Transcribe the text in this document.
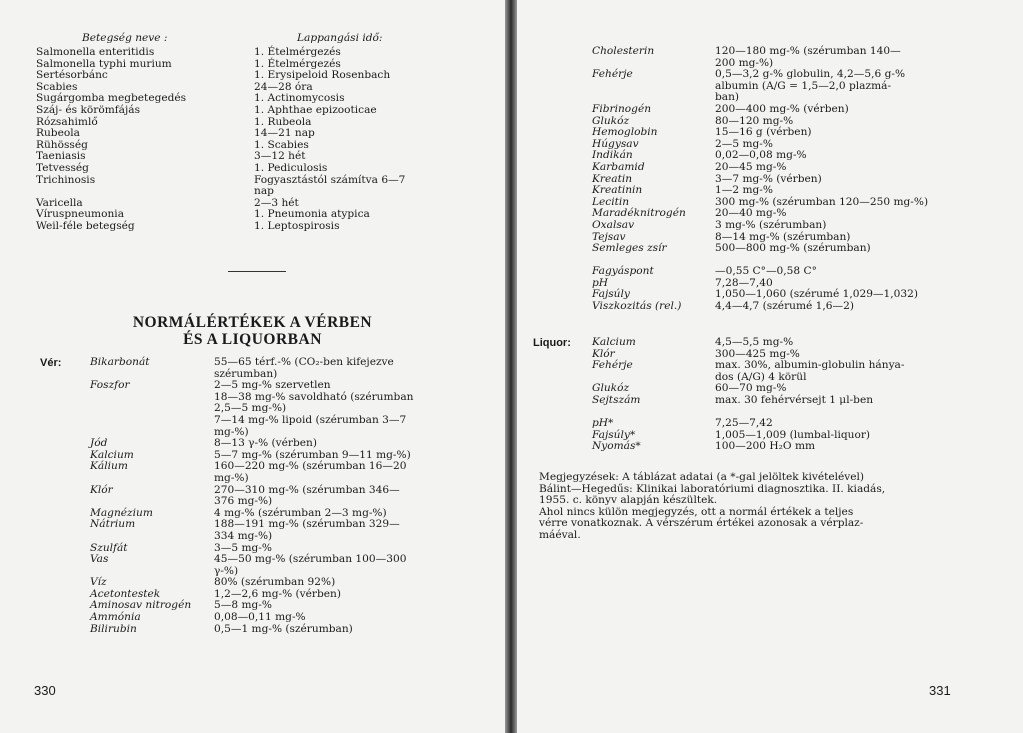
Betegség neve :	Lappangási idő:
Salmonella enteritidis
Salmonella typhi murium
Sertésorbánc
Scabies
Sugárgomba megbetegedés
Száj- és körömfájás
Rózsahimlő
Rubeola
Rühösség
Taeniasis
Tetvesség
Trichinosis

Varicella
Víruspneumonia
Weil-féle betegség
1. Ételmérgezés
1. Ételmérgezés
1. Erysipeloid Rosenbach
24—28 óra
1. Actinomycosis
1. Aphthae epizooticae
1. Rubeola
14—21 nap
1. Scabies
3—12 hét
1. Pediculosis
Fogyasztástól számítva 6—7
nap
2—3 hét
1. Pneumonia atypica
1. Leptospirosis
NORMÁLÉRTÉKEK A VÉRBEN
ÉS A LIQUORBAN
Vér:	Bikarbonát

Foszfor

Jód
Kalcium
Kálium

Klór

Magnézium
Nátrium

Szulfát
Vas

Víz
Acetontestek
Aminosav nitrogén
Ammónia
Bilirubin
55—65 térf.-% (CO₂-ben kifejezve
szérumban)
2—5 mg-% szervetlen
18—38 mg-% savoldható (szérumban
2,5—5 mg-%)
7—14 mg-% lipoid (szérumban 3—7
mg-%)
8—13 γ-% (vérben)
5—7 mg-% (szérumban 9—11 mg-%)
160—220 mg-% (szérumban 16—20
mg-%)
270—310 mg-% (szérumban 346—
376 mg-%)
4 mg-% (szérumban 2—3 mg-%)
188—191 mg-% (szérumban 329—
334 mg-%)
3—5 mg-%
45—50 mg-% (szérumban 100—300
γ-%)
80% (szérumban 92%)
1,2—2,6 mg-% (vérben)
5—8 mg-%
0,08—0,11 mg-%
0,5—1 mg-% (szérumban)
330
Cholesterin

Fehérje

Fibrinogén
Glukóz
Hemoglobin
Húgysav
Indikán
Karbamid
Kreatin
Kreatinin
Lecitin
Maradéknitrogén
Oxalsav
Tejsav
Semleges zsír

Fagyáspont
pH
Fajsúly
Viszkozitás (rel.)
120—180 mg-% (szérumban 140—
200 mg-%)
0,5—3,2 g-% globulin, 4,2—5,6 g-%
albumin (A/G = 1,5—2,0 plazmá-
ban)
200—400 mg-% (vérben)
80—120 mg-%
15—16 g (vérben)
2—5 mg-%
0,02—0,08 mg-%
20—45 mg-%
3—7 mg-% (vérben)
1—2 mg-%
300 mg-% (szérumban 120—250 mg-%)
20—40 mg-%
3 mg-% (szérumban)
8—14 mg-% (szérumban)
500—800 mg-% (szérumban)

—0,55 C°—0,58 C°
7,28—7,40
1,050—1,060 (szérumé 1,029—1,032)
4,4—4,7 (szérumé 1,6—2)
Liquor: Kalcium
Klór
Fehérje

Glukóz
Sejtszám

pH*
Fajsúly*
Nyomás*
4,5—5,5 mg-%
300—425 mg-%
max. 30%, albumin-globulin hánya-
dos (A/G) 4 körül
60—70 mg-%
max. 30 fehérvérsejt 1 μl-ben

7,25—7,42
1,005—1,009 (lumbal-liquor)
100—200 H₂O mm
Megjegyzések: A táblázat adatai (a *-gal jelöltek kivételével)
Bálint—Hegedűs: Klinikai laboratóriumi diagnosztika. II. kiadás,
1955. c. könyv alapján készültek.
Ahol nincs külön megjegyzés, ott a normál értékek a teljes
vérre vonatkoznak. A vérszérum értékei azonosak a vérplaz-
máéval.
331
